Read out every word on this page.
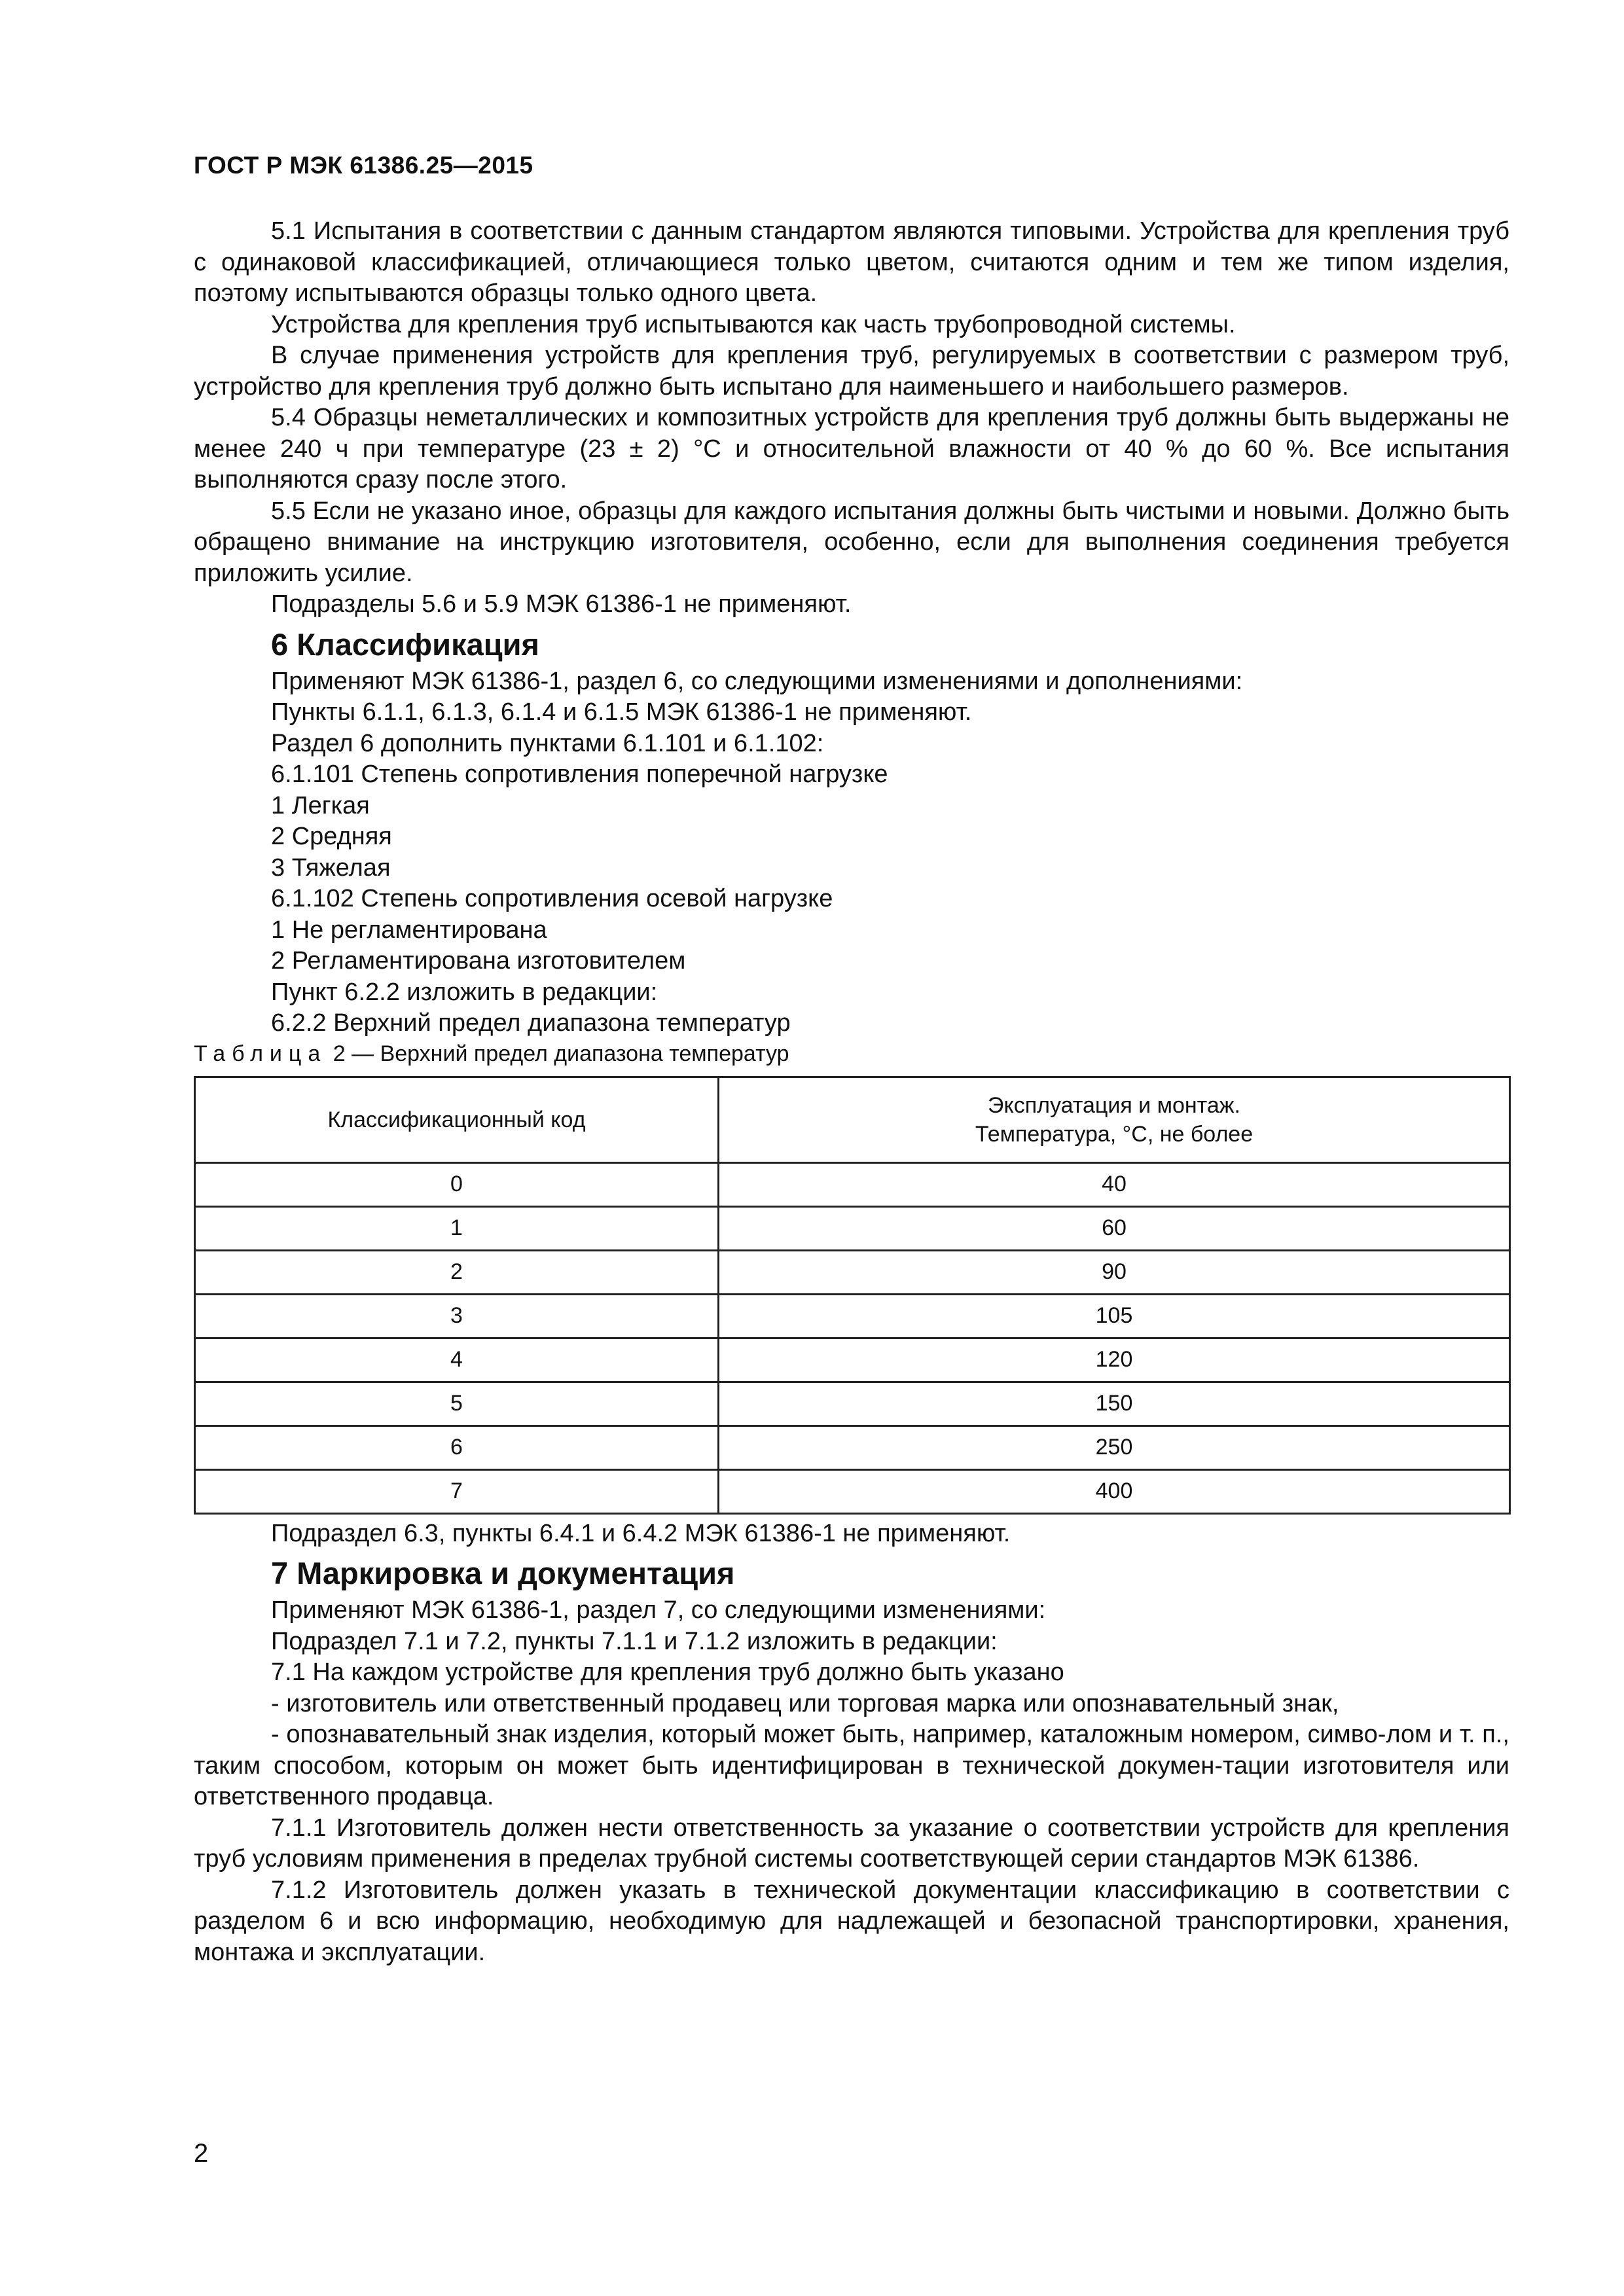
ГОСТ Р МЭК 61386.25—2015

5.1 Испытания в соответствии с данным стандартом являются типовыми. Устройства для крепления труб с одинаковой классификацией, отличающиеся только цветом, считаются одним и тем же типом изделия, поэтому испытываются образцы только одного цвета.

Устройства для крепления труб испытываются как часть трубопроводной системы.

В случае применения устройств для крепления труб, регулируемых в соответствии с размером труб, устройство для крепления труб должно быть испытано для наименьшего и наибольшего размеров.

5.4 Образцы неметаллических и композитных устройств для крепления труб должны быть выдержаны не менее 240 ч при температуре (23 ± 2) °С и относительной влажности от 40 % до 60 %. Все испытания выполняются сразу после этого.

5.5 Если не указано иное, образцы для каждого испытания должны быть чистыми и новыми. Должно быть обращено внимание на инструкцию изготовителя, особенно, если для выполнения соединения требуется приложить усилие.

Подразделы 5.6 и 5.9 МЭК 61386-1 не применяют.

6 Классификация

Применяют МЭК 61386-1, раздел 6, со следующими изменениями и дополнениями:

Пункты 6.1.1, 6.1.3, 6.1.4 и 6.1.5 МЭК 61386-1 не применяют.

Раздел 6 дополнить пунктами 6.1.101 и 6.1.102:

6.1.101 Степень сопротивления поперечной нагрузке

1 Легкая

2 Средняя

3 Тяжелая

6.1.102 Степень сопротивления осевой нагрузке

1 Не регламентирована

2 Регламентирована изготовителем

Пункт 6.2.2 изложить в редакции:

6.2.2 Верхний предел диапазона температур

Таблица 2 — Верхний предел диапазона температур

Классификационный код	Эксплуатация и монтаж.
Температура, °С, не более
0	40
1	60
2	90
3	105
4	120
5	150
6	250
7	400

Подраздел 6.3, пункты 6.4.1 и 6.4.2 МЭК 61386-1 не применяют.

7 Маркировка и документация

Применяют МЭК 61386-1, раздел 7, со следующими изменениями:

Подраздел 7.1 и 7.2, пункты 7.1.1 и 7.1.2 изложить в редакции:

7.1 На каждом устройстве для крепления труб должно быть указано

- изготовитель или ответственный продавец или торговая марка или опознавательный знак,

- опознавательный знак изделия, который может быть, например, каталожным номером, симво-лом и т. п., таким способом, которым он может быть идентифицирован в технической докумен-тации изготовителя или ответственного продавца.

7.1.1 Изготовитель должен нести ответственность за указание о соответствии устройств для крепления труб условиям применения в пределах трубной системы соответствующей серии стандартов МЭК 61386.

7.1.2 Изготовитель должен указать в технической документации классификацию в соответствии с разделом 6 и всю информацию, необходимую для надлежащей и безопасной транспортировки, хранения, монтажа и эксплуатации.

2
